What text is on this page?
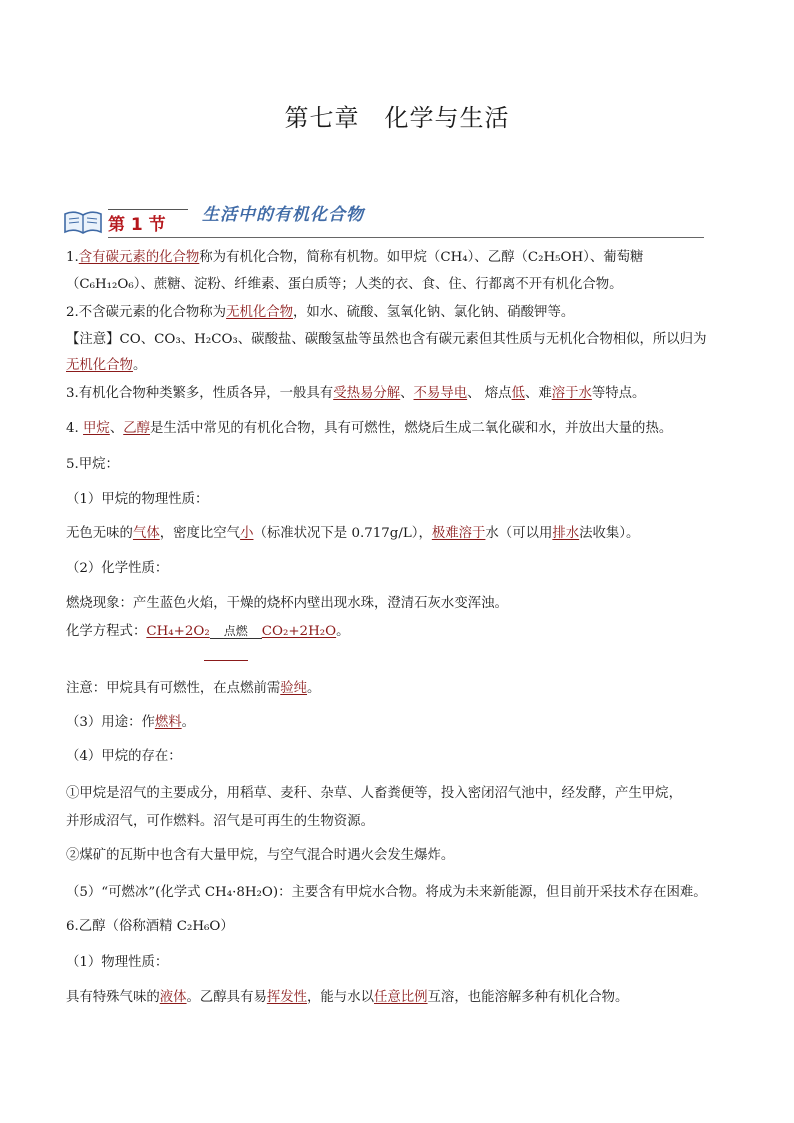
第七章　化学与生活
第 1 节 生活中的有机化合物

1.含有碳元素的化合物称为有机化合物，简称有机物。如甲烷（CH₄）、乙醇（C₂H₅OH）、葡萄糖

（C₆H₁₂O₆）、蔗糖、淀粉、纤维素、蛋白质等；人类的衣、食、住、行都离不开有机化合物。

2.不含碳元素的化合物称为无机化合物，如水、硫酸、氢氧化钠、氯化钠、硝酸钾等。

【注意】CO、CO₃、H₂CO₃、碳酸盐、碳酸氢盐等虽然也含有碳元素但其性质与无机化合物相似，所以归为

无机化合物。

3.有机化合物种类繁多，性质各异，一般具有受热易分解、不易导电、 熔点低、难溶于水等特点。

4. 甲烷、乙醇是生活中常见的有机化合物，具有可燃性，燃烧后生成二氧化碳和水，并放出大量的热。

5.甲烷：

（1）甲烷的物理性质：

无色无味的气体，密度比空气小（标准状况下是 0.717g/L），极难溶于水（可以用排水法收集）。

（2）化学性质：

燃烧现象：产生蓝色火焰，干燥的烧杯内壁出现水珠，澄清石灰水变浑浊。

化学方程式：CH₄+2O₂	点燃	CO₂+2H₂O。

注意：甲烷具有可燃性，在点燃前需验纯。

（3）用途：作燃料。

（4）甲烷的存在：

①甲烷是沼气的主要成分，用稻草、麦秆、杂草、人畜粪便等，投入密闭沼气池中，经发酵，产生甲烷，

并形成沼气，可作燃料。沼气是可再生的生物资源。

②煤矿的瓦斯中也含有大量甲烷，与空气混合时遇火会发生爆炸。

（5）“可燃冰”(化学式 CH₄·8H₂O)：主要含有甲烷水合物。将成为未来新能源，但目前开采技术存在困难。

6.乙醇（俗称酒精 C₂H₆O）

（1）物理性质：

具有特殊气味的液体。乙醇具有易挥发性，能与水以任意比例互溶，也能溶解多种有机化合物。
